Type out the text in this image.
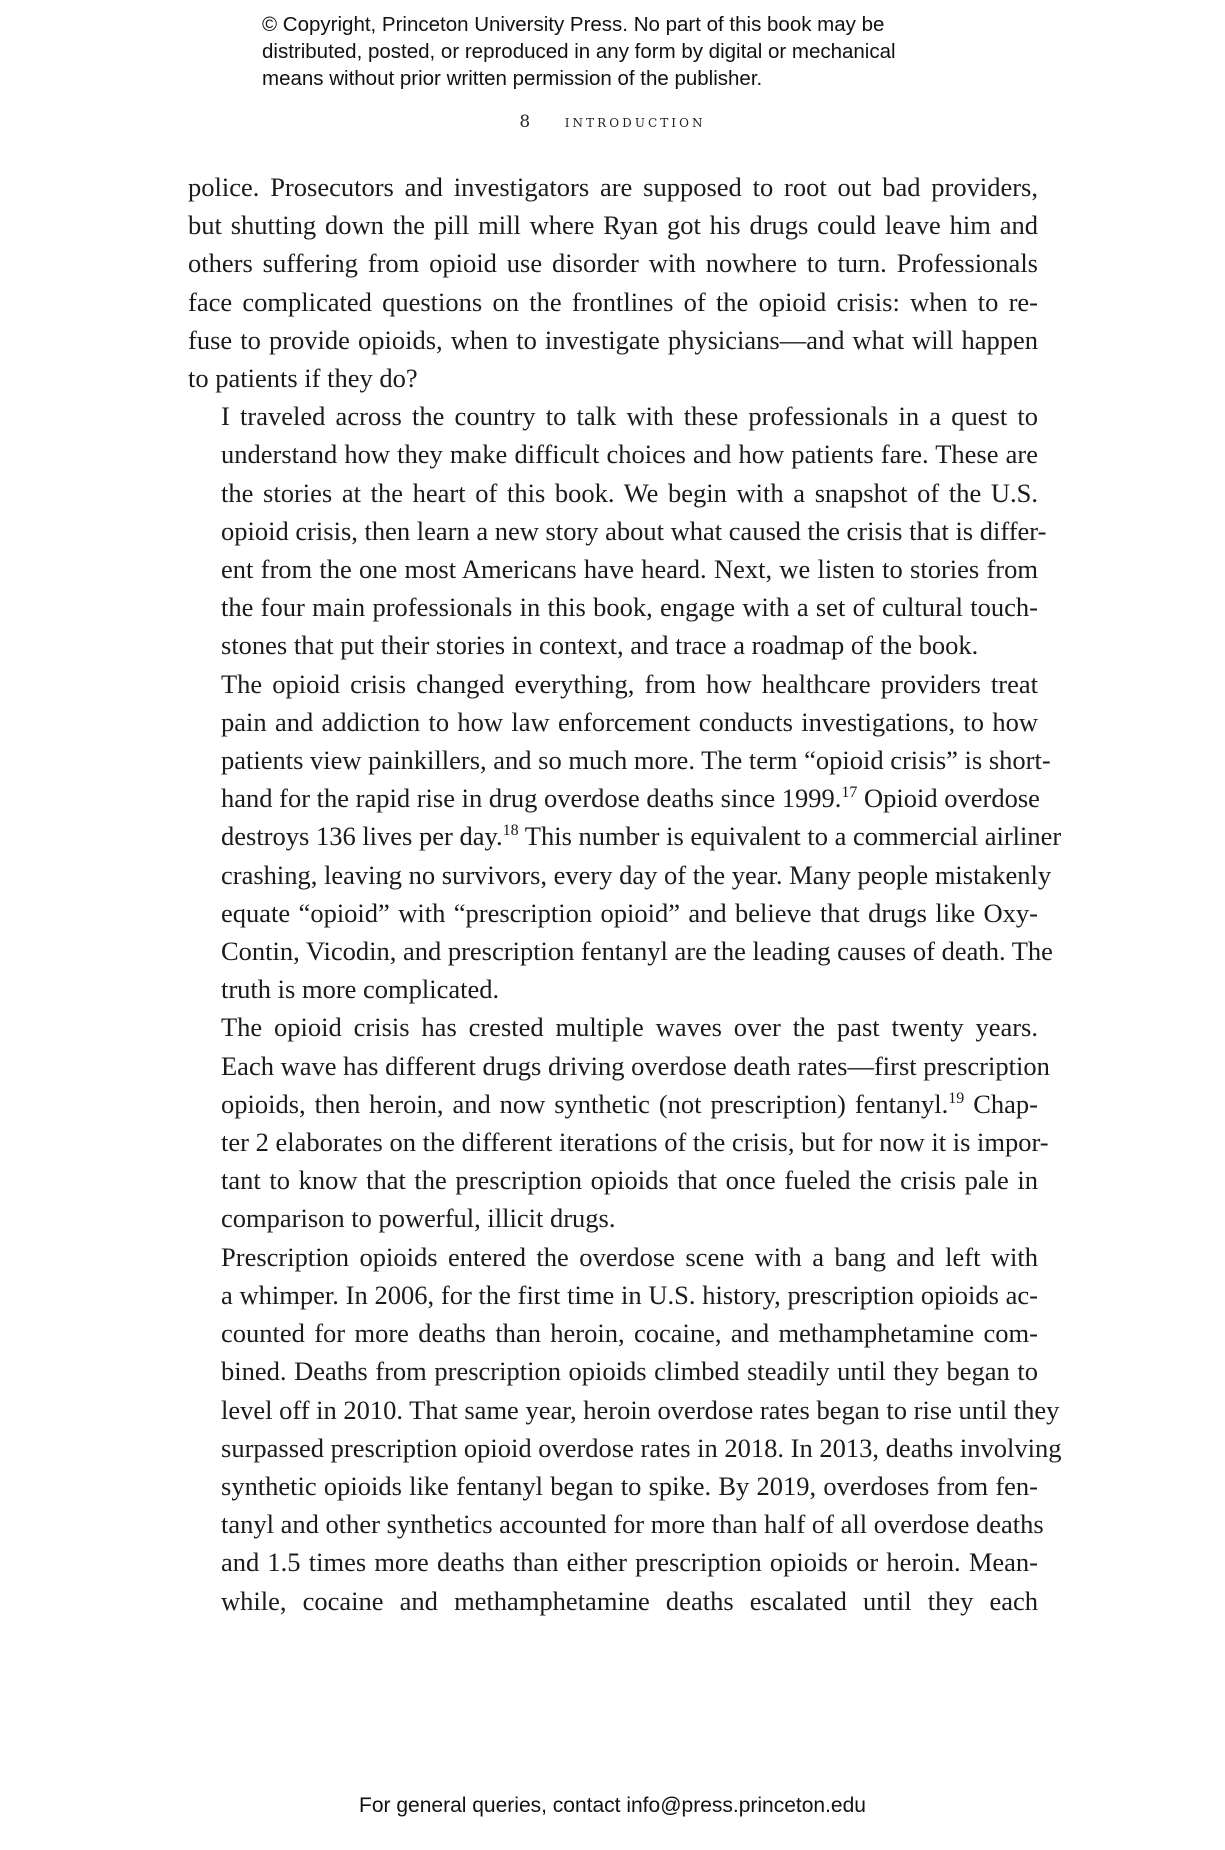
© Copyright, Princeton University Press. No part of this book may be
distributed, posted, or reproduced in any form by digital or mechanical
means without prior written permission of the publisher.
8 introduction
police. Prosecutors and investigators are supposed to root out bad providers,
but shutting down the pill mill where Ryan got his drugs could leave him and
others suffering from opioid use disorder with nowhere to turn. Professionals
face complicated questions on the frontlines of the opioid crisis: when to re-
fuse to provide opioids, when to investigate physicians—and what will happen
to patients if they do?
I traveled across the country to talk with these professionals in a quest to
understand how they make difficult choices and how patients fare. These are
the stories at the heart of this book. We begin with a snapshot of the U.S.
opioid crisis, then learn a new story about what caused the crisis that is differ-
ent from the one most Americans have heard. Next, we listen to stories from
the four main professionals in this book, engage with a set of cultural touch-
stones that put their stories in context, and trace a roadmap of the book.
The opioid crisis changed everything, from how healthcare providers treat
pain and addiction to how law enforcement conducts investigations, to how
patients view painkillers, and so much more. The term “opioid crisis” is short-
hand for the rapid rise in drug overdose deaths since 1999.17 Opioid overdose
destroys 136 lives per day.$^{18}$ This number is equivalent to a commercial airliner
crashing, leaving no survivors, every day of the year. Many people mistakenly
equate “opioid” with “prescription opioid” and believe that drugs like Oxy-
Contin, Vicodin, and prescription fentanyl are the leading causes of death. The
truth is more complicated.
The opioid crisis has crested multiple waves over the past twenty years.
Each wave has different drugs driving overdose death rates—first prescription
opioids, then heroin, and now synthetic (not prescription) fentanyl.$^{19}$ Chap-
ter 2 elaborates on the different iterations of the crisis, but for now it is impor-
tant to know that the prescription opioids that once fueled the crisis pale in
comparison to powerful, illicit drugs.
Prescription opioids entered the overdose scene with a bang and left with
a whimper. In 2006, for the first time in U.S. history, prescription opioids ac-
counted for more deaths than heroin, cocaine, and methamphetamine com-
bined. Deaths from prescription opioids climbed steadily until they began to
level off in 2010. That same year, heroin overdose rates began to rise until they
surpassed prescription opioid overdose rates in 2018. In 2013, deaths involving
synthetic opioids like fentanyl began to spike. By 2019, overdoses from fen-
tanyl and other synthetics accounted for more than half of all overdose deaths
and 1.5 times more deaths than either prescription opioids or heroin. Mean-
while, cocaine and methamphetamine deaths escalated until they each
For general queries, contact info@press.princeton.edu
